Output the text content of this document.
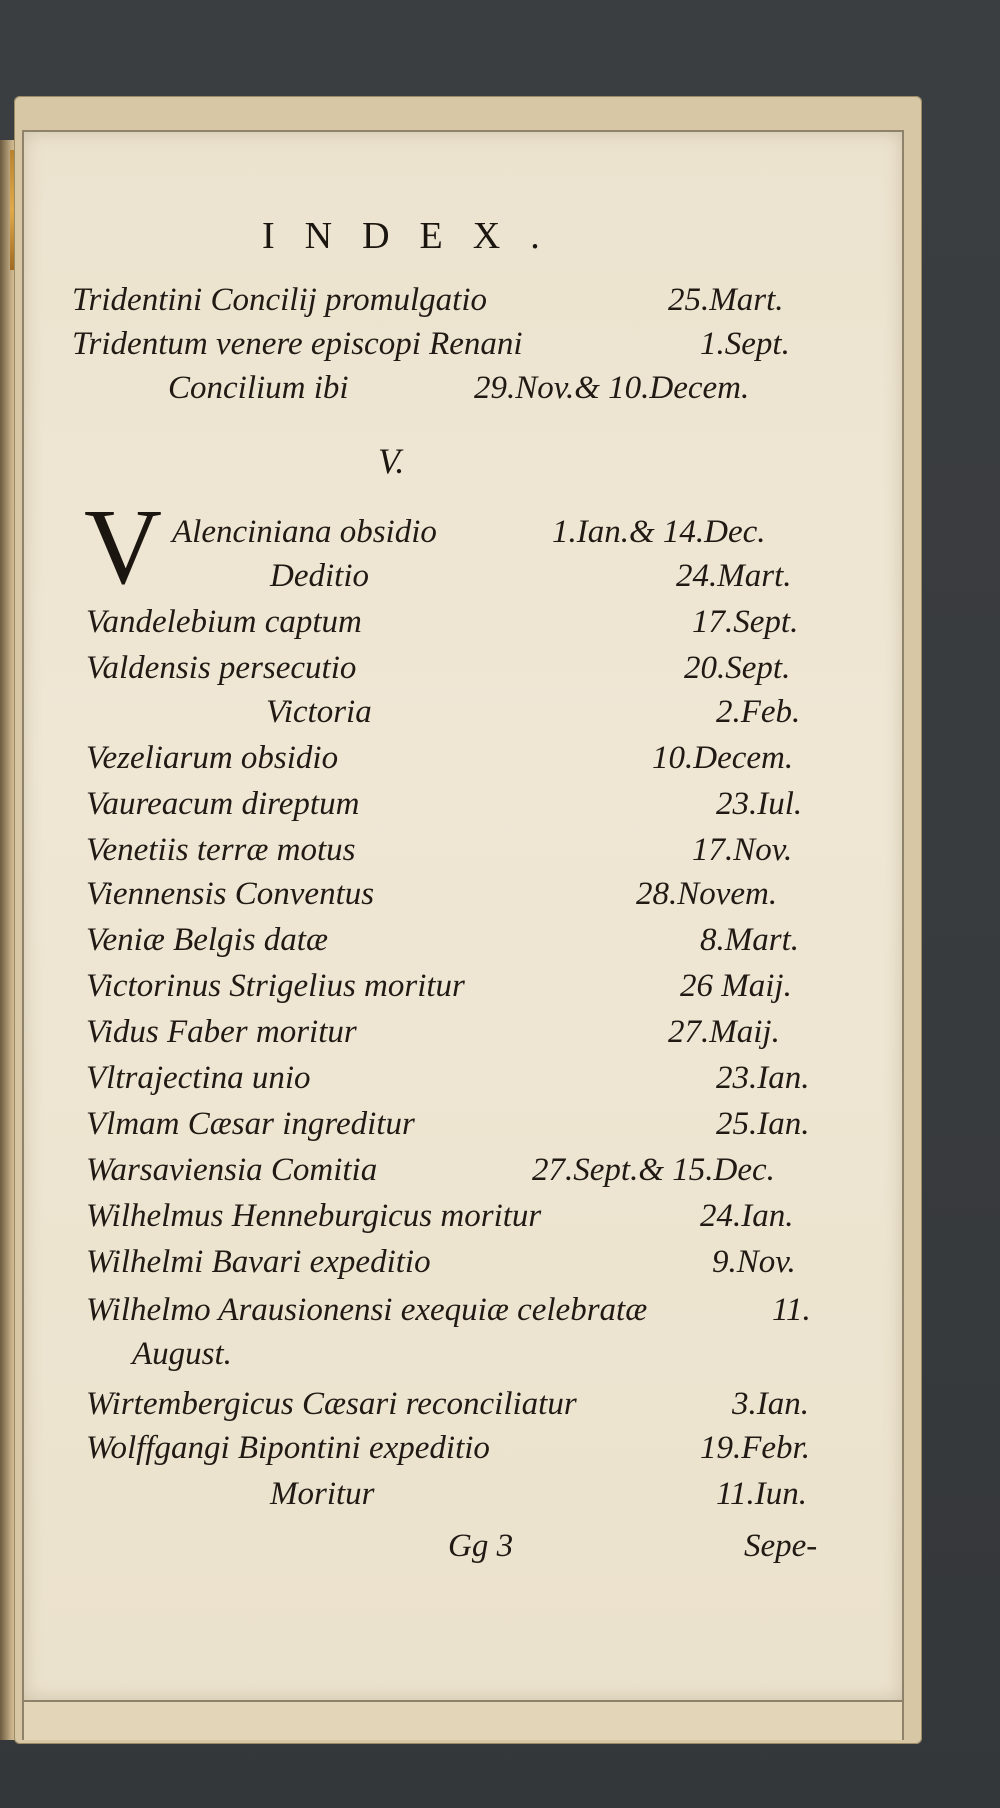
INDEX.
Tridentini Concilij promulgatio	25.Mart.
Tridentum venere episcopi Renani	1.Sept.
Concilium ibi	29.Nov.& 10.Decem.
V.
V Alenciniana obsidio	1.Ian.& 14.Dec.
Deditio	24.Mart.
Vandelebium captum	17.Sept.
Valdensis persecutio	20.Sept.
Victoria	2.Feb.
Vezeliarum obsidio	10.Decem.
Vaureacum direptum	23.Iul.
Venetiis terræ motus	17.Nov.
Viennensis Conventus	28.Novem.
Veniæ Belgis datæ	8.Mart.
Victorinus Strigelius moritur	26 Maij.
Vidus Faber moritur	27.Maij.
Vltrajectina unio	23.Ian.
Vlmam Cæsar ingreditur	25.Ian.
Warsaviensia Comitia	27.Sept.& 15.Dec.
Wilhelmus Henneburgicus moritur	24.Ian.
Wilhelmi Bavari expeditio	9.Nov.
Wilhelmo Arausionensi exequiæ celebratæ	11.
August.
Wirtembergicus Cæsari reconciliatur	3.Ian.
Wolffgangi Bipontini expeditio	19.Febr.
Moritur	11.Iun.
Gg 3	Sepe-
